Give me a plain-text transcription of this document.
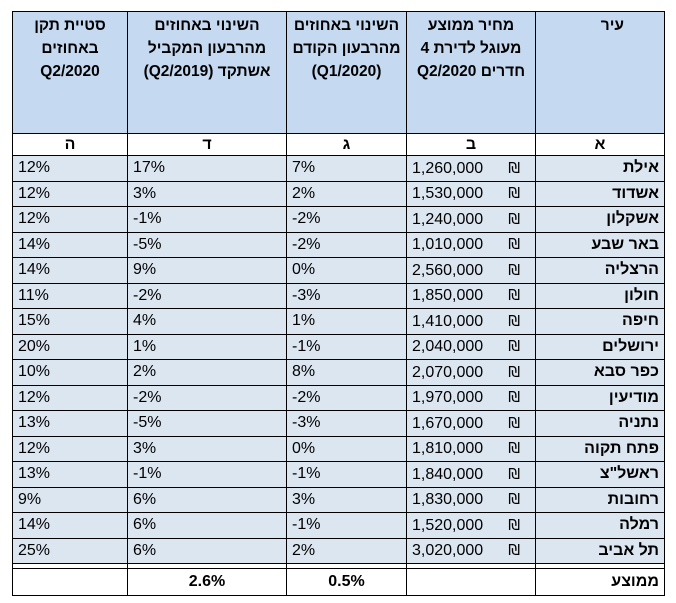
עיר	מחיר ממוצע מעוגל לדירת 4 חדרים Q2/2020	השינוי באחוזים מהרבעון הקודם (Q1/2020)	השינוי באחוזים מהרבעון המקביל אשתקד (Q2/2019)	סטיית תקן באחוזים Q2/2020
א	ב	ג	ד	ה
אילת	₪1,260,000	7%	17%	12%
אשדוד	₪1,530,000	2%	3%	12%
אשקלון	₪1,240,000	-2%	-1%	12%
באר שבע	₪1,010,000	-2%	-5%	14%
הרצליה	₪2,560,000	0%	9%	14%
חולון	₪1,850,000	-3%	-2%	11%
חיפה	₪1,410,000	1%	4%	15%
ירושלים	₪2,040,000	-1%	1%	20%
כפר סבא	₪2,070,000	8%	2%	10%
מודיעין	₪1,970,000	-2%	-2%	12%
נתניה	₪1,670,000	-3%	-5%	13%
פתח תקוה	₪1,810,000	0%	3%	12%
ראשל"צ	₪1,840,000	-1%	-1%	13%
רחובות	₪1,830,000	3%	6%	9%
רמלה	₪1,520,000	-1%	6%	14%
תל אביב	₪3,020,000	2%	6%	25%

ממוצע		0.5%	2.6%	
